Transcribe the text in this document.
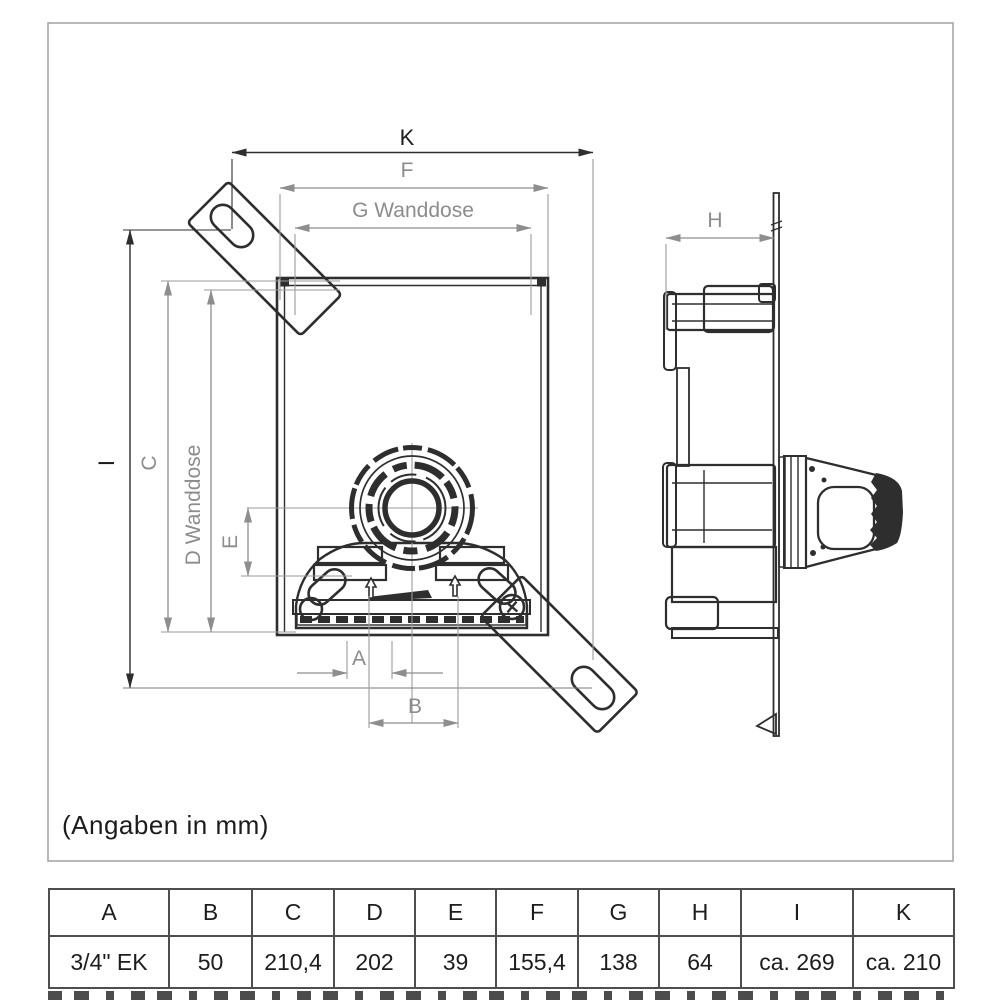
K
I
F
G Wanddose
C D Wanddose E
A
B
H
(Angaben in mm)
A	B	C	D	E	F	G	H	I	K
3/4" EK	50	210,4	202	39	155,4	138	64	ca. 269	ca. 210
